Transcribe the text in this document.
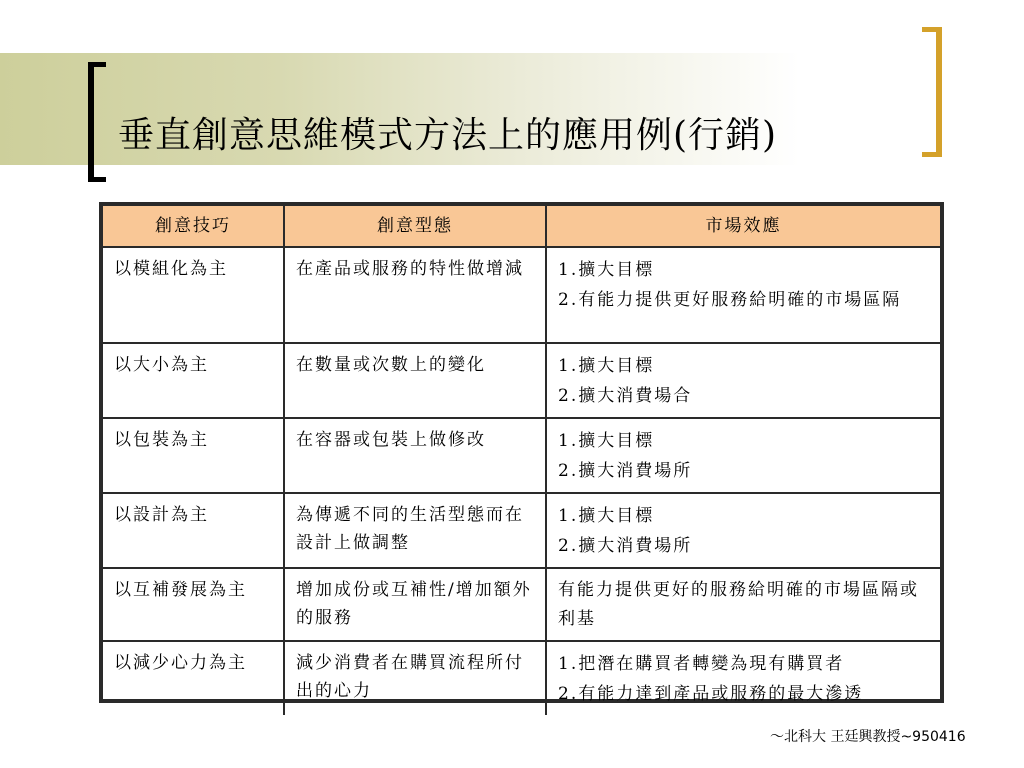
垂直創意思維模式方法上的應用例(行銷)
創意技巧	創意型態	市場效應
以模組化為主	在產品或服務的特性做增減	1.擴大目標
2.有能力提供更好服務給明確的市場區隔

以大小為主	在數量或次數上的變化	1.擴大目標
2.擴大消費場合

以包裝為主	在容器或包裝上做修改	1.擴大目標
2.擴大消費場所

以設計為主	為傳遞不同的生活型態而在設計上做調整	1.擴大目標
2.擴大消費場所

以互補發展為主	增加成份或互補性/增加額外的服務	有能力提供更好的服務給明確的市場區隔或利基

以減少心力為主	減少消費者在購買流程所付出的心力	1.把潛在購買者轉變為現有購買者
2.有能力達到產品或服務的最大滲透
～北科大 王廷興教授~950416
